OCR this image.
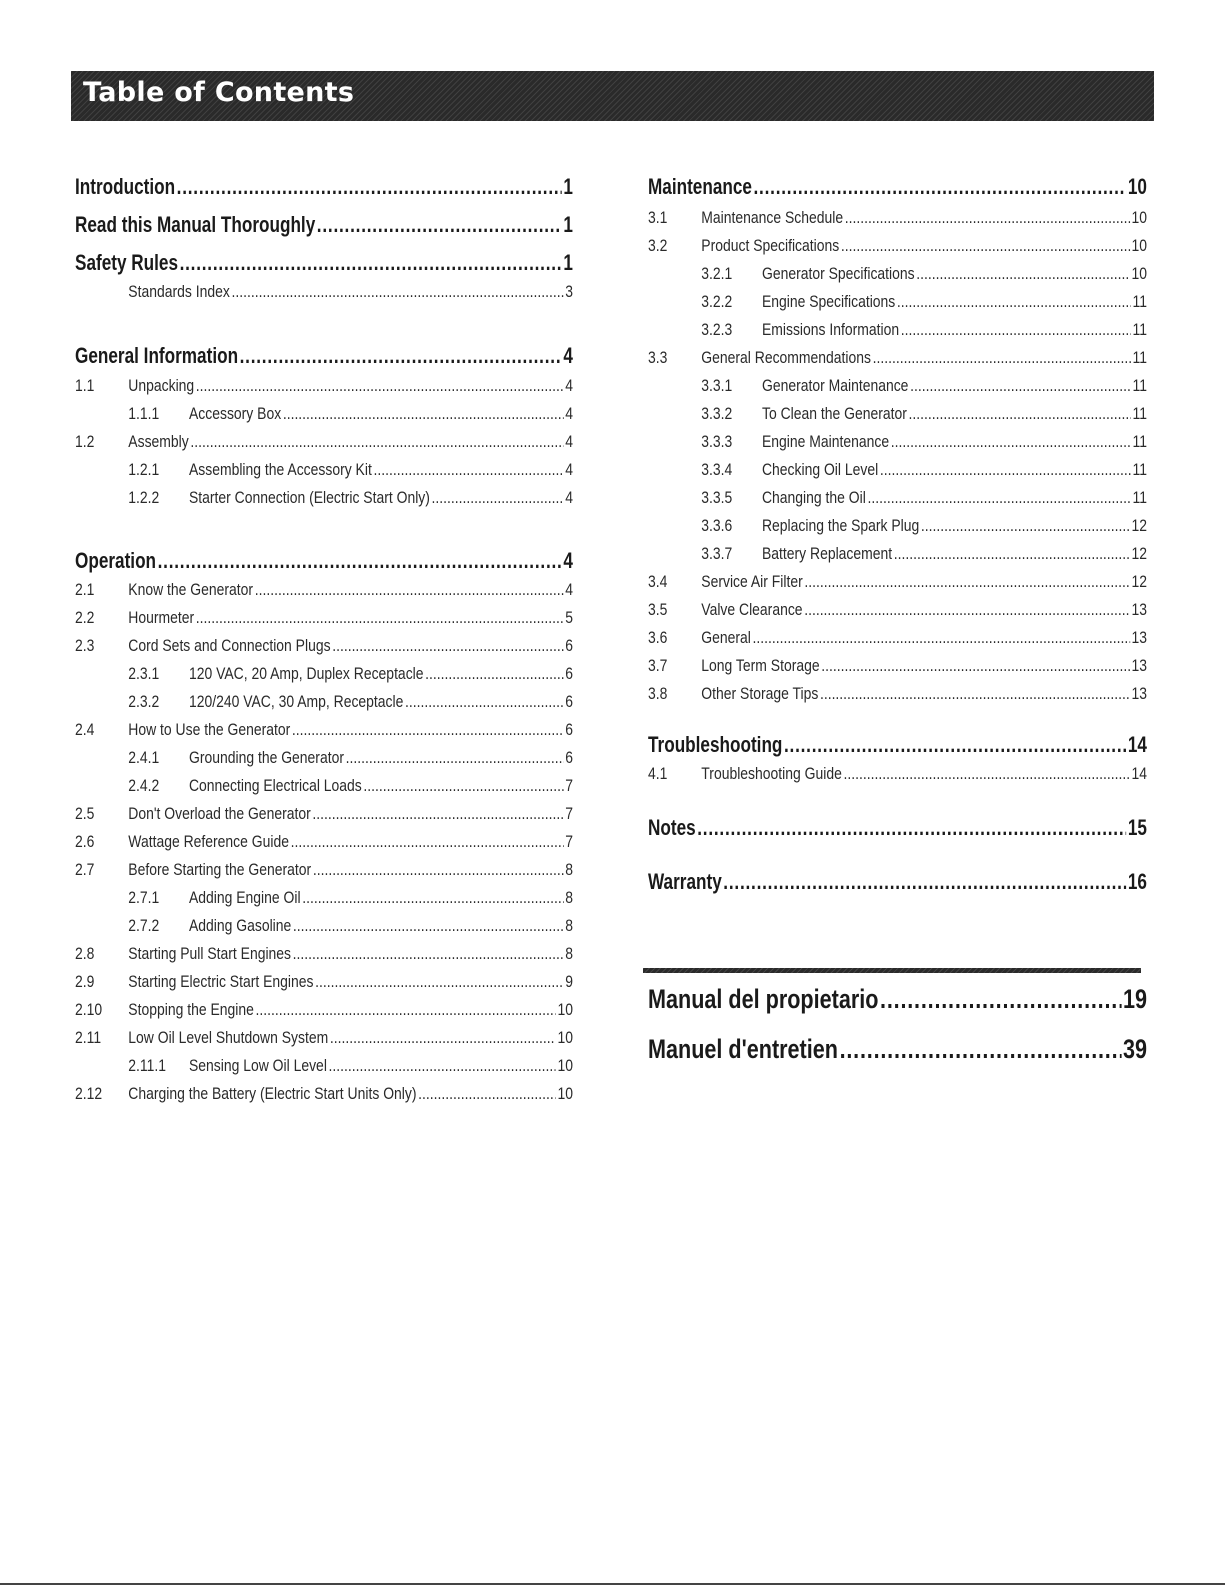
Table of Contents
Introduction .....	1
Read this Manual Thoroughly .....	1
Safety Rules .....	1
Standards Index .....	3
General Information .....	4
1.1	Unpacking .....	4
1.1.1	Accessory Box .....	4
1.2	Assembly .....	4
1.2.1	Assembling the Accessory Kit .....	4
1.2.2	Starter Connection (Electric Start Only) .....	4
Operation .....	4
2.1	Know the Generator .....	4
2.2	Hourmeter .....	5
2.3	Cord Sets and Connection Plugs .....	6
2.3.1	120 VAC, 20 Amp, Duplex Receptacle .....	6
2.3.2	120/240 VAC, 30 Amp, Receptacle .....	6
2.4	How to Use the Generator .....	6
2.4.1	Grounding the Generator .....	6
2.4.2	Connecting Electrical Loads .....	7
2.5	Don't Overload the Generator .....	7
2.6	Wattage Reference Guide .....	7
2.7	Before Starting the Generator .....	8
2.7.1	Adding Engine Oil .....	8
2.7.2	Adding Gasoline .....	8
2.8	Starting Pull Start Engines .....	8
2.9	Starting Electric Start Engines .....	9
2.10	Stopping the Engine .....	10
2.11	Low Oil Level Shutdown System .....	10
2.11.1	Sensing Low Oil Level .....	10
2.12	Charging the Battery (Electric Start Units Only) .....	10
Maintenance .....	10
3.1	Maintenance Schedule .....	10
3.2	Product Specifications .....	10
3.2.1	Generator Specifications .....	10
3.2.2	Engine Specifications .....	11
3.2.3	Emissions Information .....	11
3.3	General Recommendations .....	11
3.3.1	Generator Maintenance .....	11
3.3.2	To Clean the Generator .....	11
3.3.3	Engine Maintenance .....	11
3.3.4	Checking Oil Level .....	11
3.3.5	Changing the Oil .....	11
3.3.6	Replacing the Spark Plug .....	12
3.3.7	Battery Replacement .....	12
3.4	Service Air Filter .....	12
3.5	Valve Clearance .....	13
3.6	General .....	13
3.7	Long Term Storage .....	13
3.8	Other Storage Tips .....	13
Troubleshooting .....	14
4.1	Troubleshooting Guide .....	14
Notes .....	15
Warranty .....	16
Manual del propietario .....	19
Manuel d'entretien .....	39
